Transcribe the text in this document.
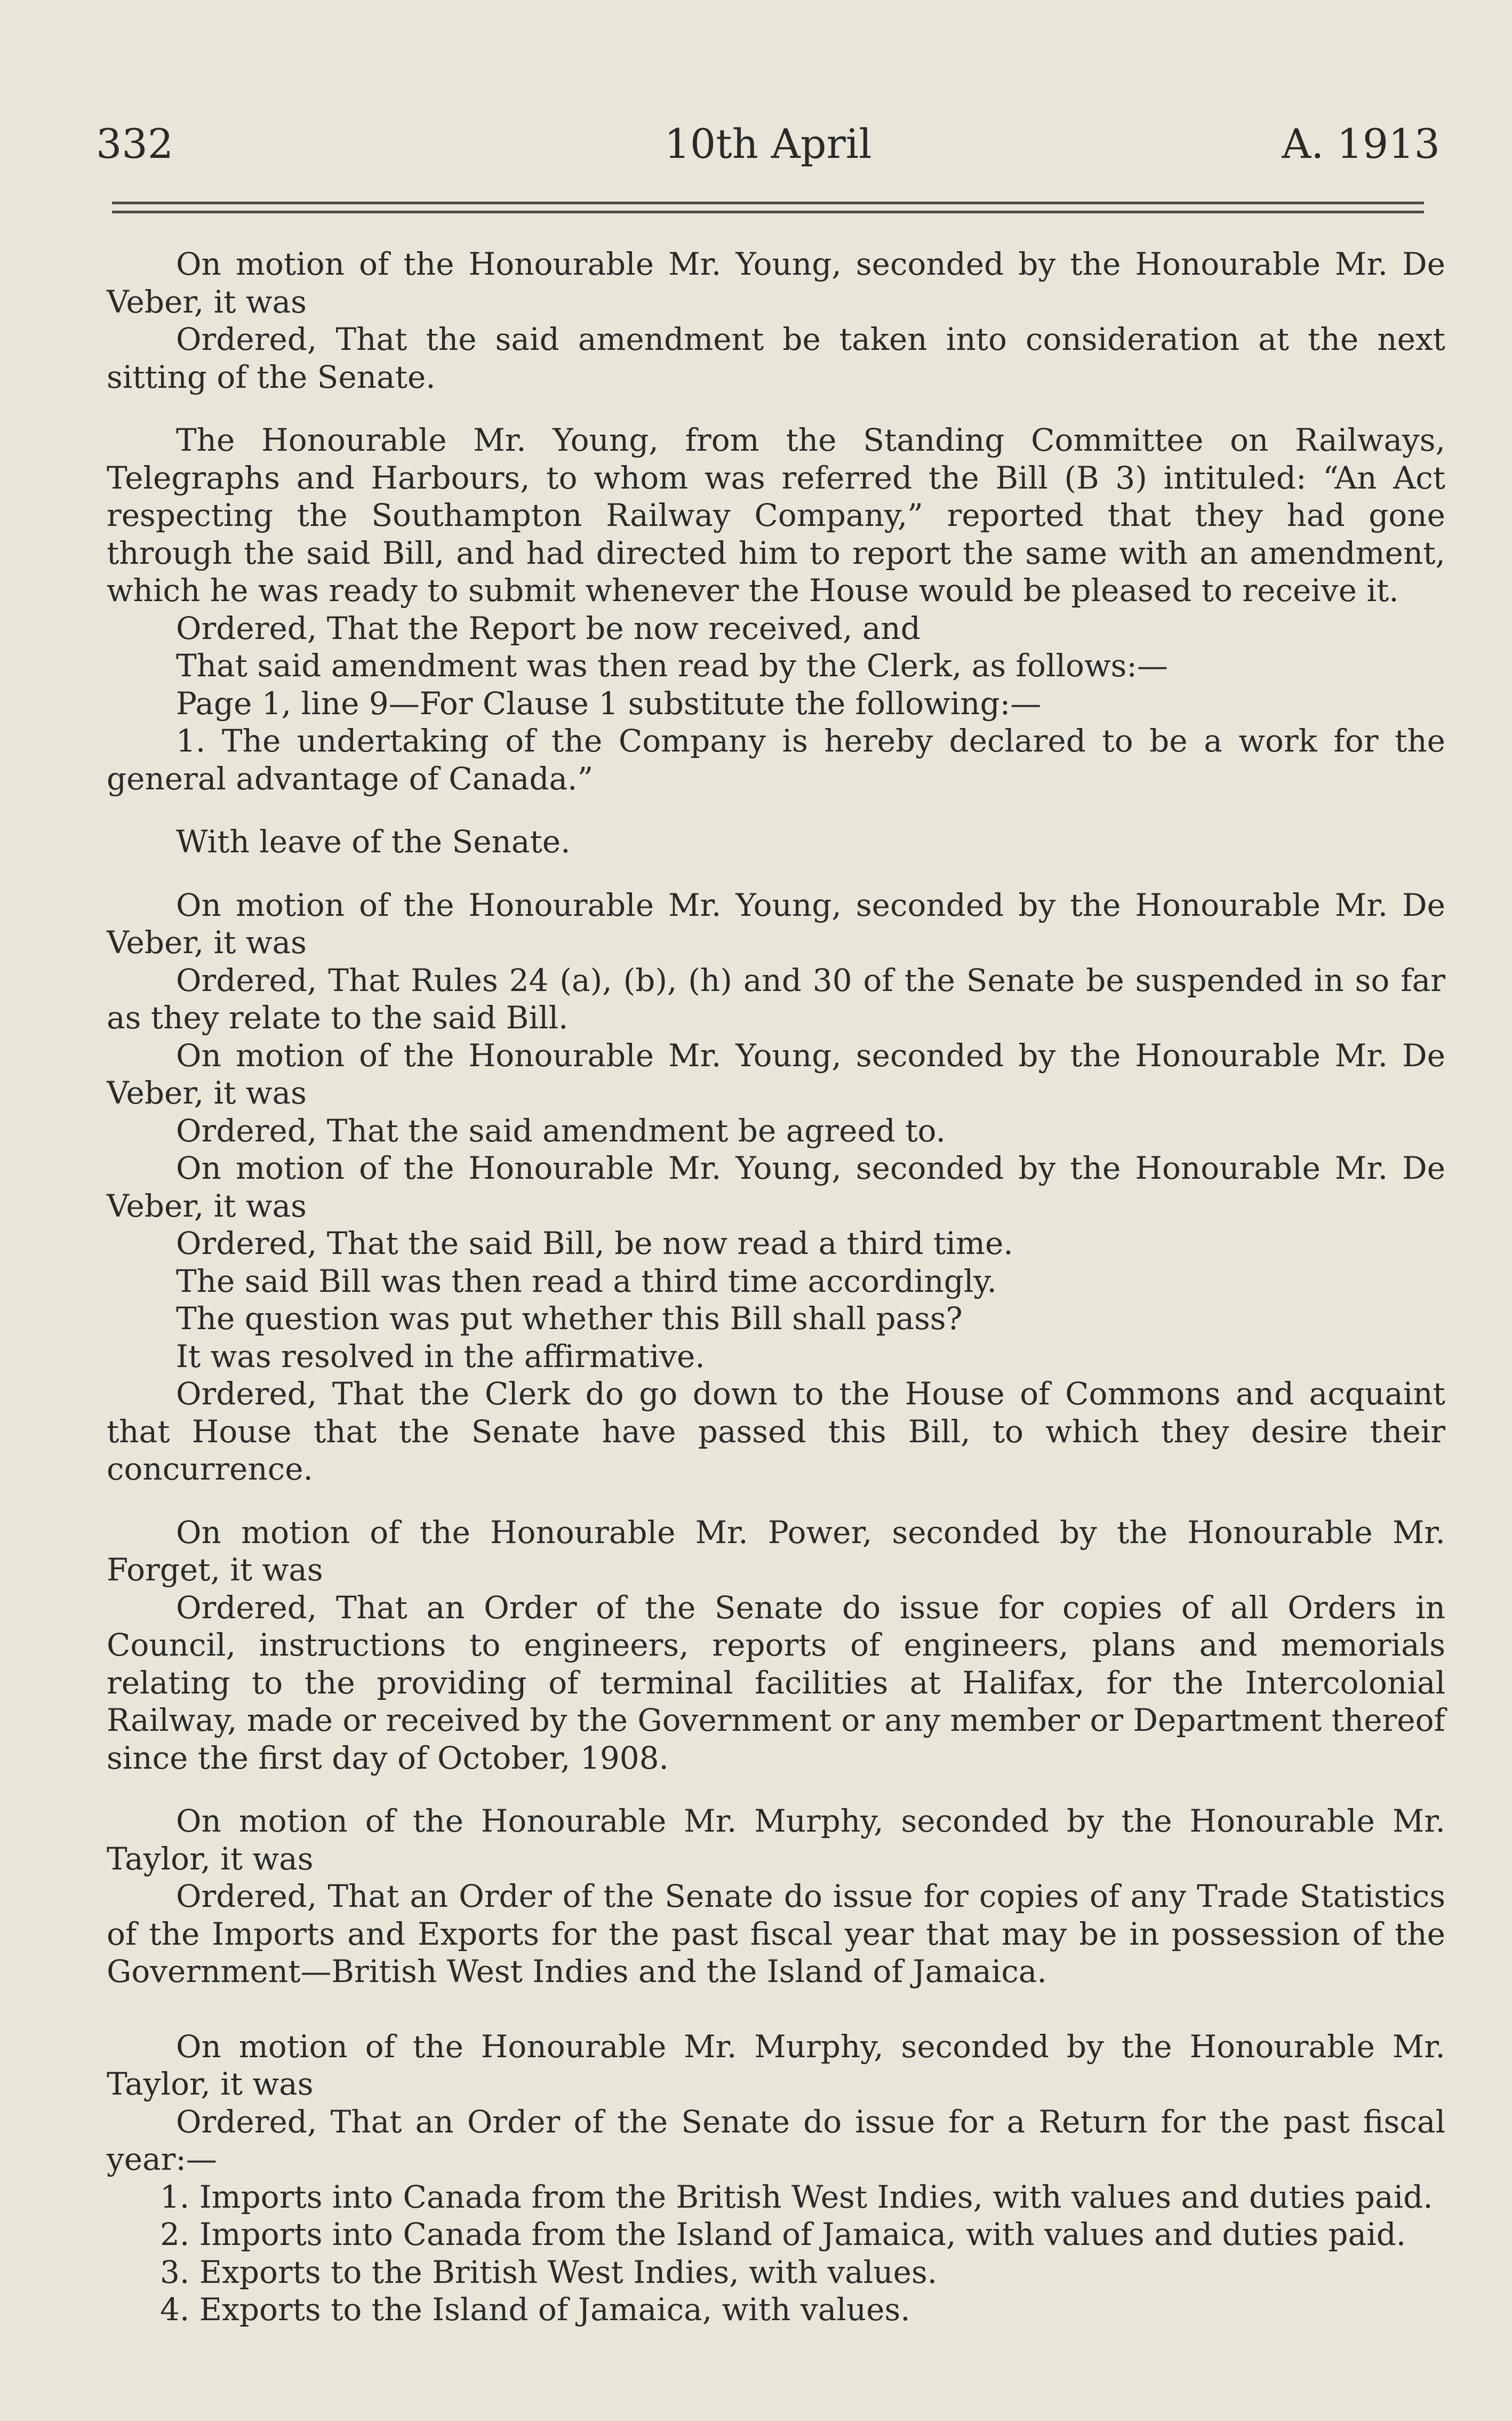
332	10th April	A. 1913

On motion of the Honourable Mr. Young, seconded by the Honourable Mr. De Veber, it was

Ordered, That the said amendment be taken into consideration at the next sitting of the Senate.

The Honourable Mr. Young, from the Standing Committee on Railways, Telegraphs and Harbours, to whom was referred the Bill (B 3) intituled: “An Act respecting the Southampton Railway Company,” reported that they had gone through the said Bill, and had directed him to report the same with an amendment, which he was ready to submit whenever the House would be pleased to receive it.

Ordered, That the Report be now received, and

That said amendment was then read by the Clerk, as follows:—

Page 1, line 9—For Clause 1 substitute the following:—

1. The undertaking of the Company is hereby declared to be a work for the general advantage of Canada.”

With leave of the Senate.

On motion of the Honourable Mr. Young, seconded by the Honourable Mr. De Veber, it was

Ordered, That Rules 24 (a), (b), (h) and 30 of the Senate be suspended in so far as they relate to the said Bill.

On motion of the Honourable Mr. Young, seconded by the Honourable Mr. De Veber, it was

Ordered, That the said amendment be agreed to.

On motion of the Honourable Mr. Young, seconded by the Honourable Mr. De Veber, it was

Ordered, That the said Bill, be now read a third time.

The said Bill was then read a third time accordingly.

The question was put whether this Bill shall pass?

It was resolved in the affirmative.

Ordered, That the Clerk do go down to the House of Commons and acquaint that House that the Senate have passed this Bill, to which they desire their concurrence.

On motion of the Honourable Mr. Power, seconded by the Honourable Mr. Forget, it was

Ordered, That an Order of the Senate do issue for copies of all Orders in Council, instructions to engineers, reports of engineers, plans and memorials relating to the providing of terminal facilities at Halifax, for the Intercolonial Railway, made or received by the Government or any member or Department thereof since the first day of October, 1908.

On motion of the Honourable Mr. Murphy, seconded by the Honourable Mr. Taylor, it was

Ordered, That an Order of the Senate do issue for copies of any Trade Statistics of the Imports and Exports for the past fiscal year that may be in possession of the Government—British West Indies and the Island of Jamaica.

On motion of the Honourable Mr. Murphy, seconded by the Honourable Mr. Taylor, it was

Ordered, That an Order of the Senate do issue for a Return for the past fiscal year:—

1. Imports into Canada from the British West Indies, with values and duties paid.

2. Imports into Canada from the Island of Jamaica, with values and duties paid.

3. Exports to the British West Indies, with values.

4. Exports to the Island of Jamaica, with values.
